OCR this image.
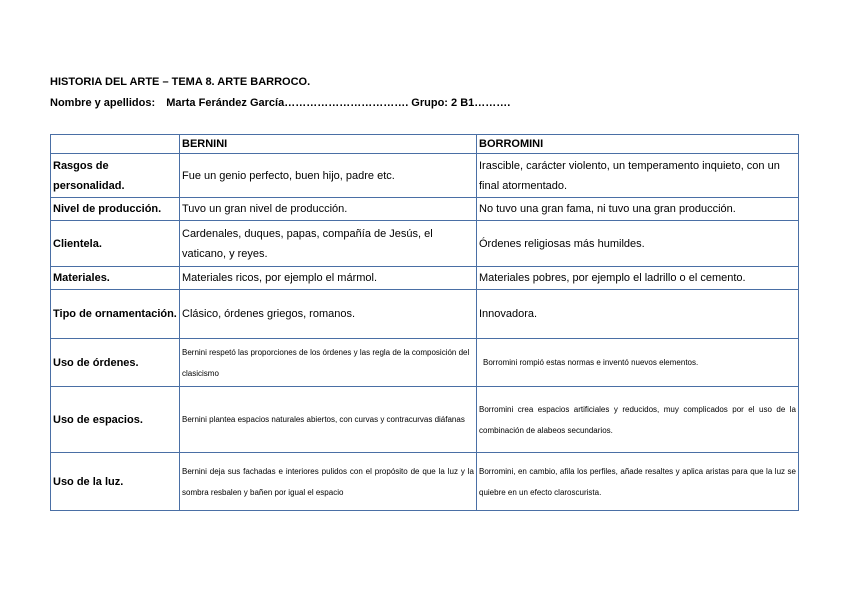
HISTORIA DEL ARTE – TEMA 8. ARTE BARROCO.
Nombre y apellidos: Marta Ferández García……………………………. Grupo: 2 B1……….
	BERNINI	BORROMINI
Rasgos de personalidad.	Fue un genio perfecto, buen hijo, padre etc.	Irascible, carácter violento, un temperamento inquieto, con un final atormentado.
Nivel de producción.	Tuvo un gran nivel de producción.	No tuvo una gran fama, ni tuvo una gran producción.
Clientela.	Cardenales, duques, papas, compañía de Jesús, el vaticano, y reyes.	Órdenes religiosas más humildes.
Materiales.	Materiales ricos, por ejemplo el mármol.	Materiales pobres, por ejemplo el ladrillo o el cemento.
Tipo de ornamentación.	Clásico, órdenes griegos, romanos.	Innovadora.
Uso de órdenes.	Bernini respetó las proporciones de los órdenes y las regla de la composición del clasicismo	Borromini rompió estas normas e inventó nuevos elementos.
Uso de espacios.	Bernini plantea espacios naturales abiertos, con curvas y contracurvas diáfanas	Borromini crea espacios artificiales y reducidos, muy complicados por el uso de la combinación de alabeos secundarios.
Uso de la luz.	Bernini deja sus fachadas e interiores pulidos con el propósito de que la luz y la sombra resbalen y bañen por igual el espacio	Borromini, en cambio, afila los perfiles, añade resaltes y aplica aristas para que la luz se quiebre en un efecto claroscurista.
